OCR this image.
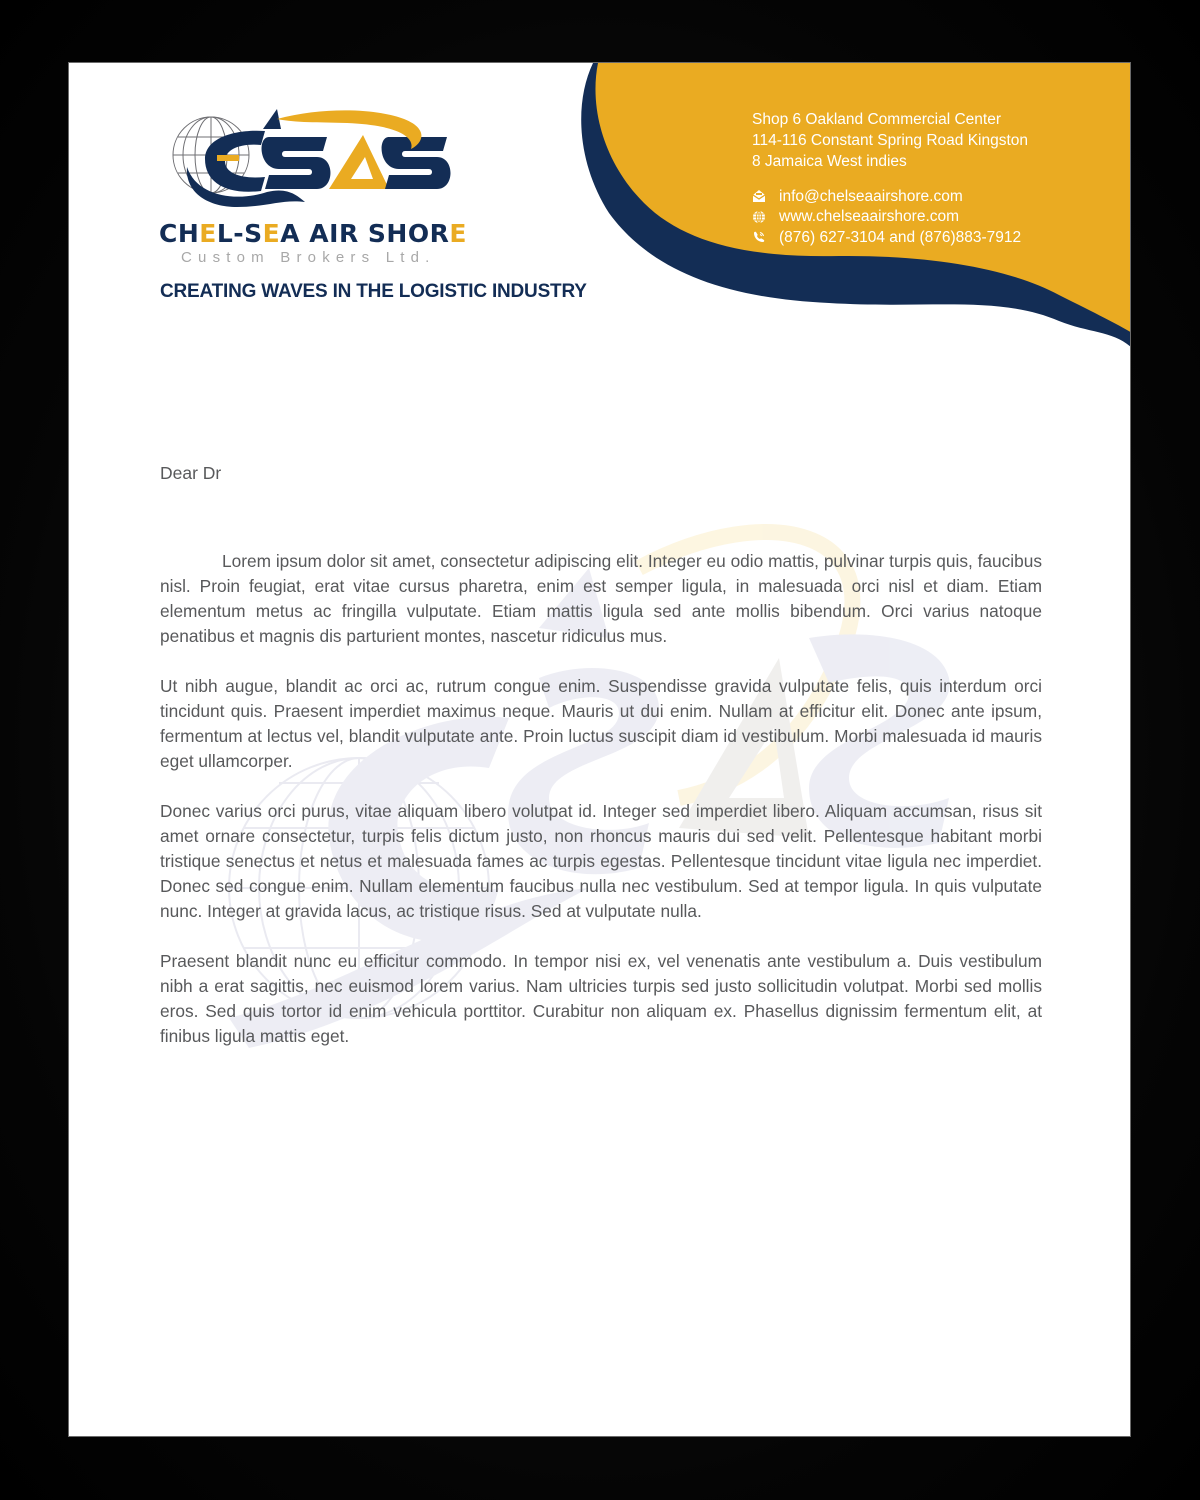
CHEL-SEA AIR SHORE
Custom Brokers Ltd.
CREATING WAVES IN THE LOGISTIC INDUSTRY
Shop 6 Oakland Commercial Center
114-116 Constant Spring Road Kingston
8 Jamaica West indies
info@chelseaairshore.com
www.chelseaairshore.com
(876) 627-3104 and (876)883-7912
Dear Dr

Lorem ipsum dolor sit amet, consectetur adipiscing elit. Integer eu odio mattis, pulvinar turpis quis, faucibus nisl. Proin feugiat, erat vitae cursus pharetra, enim est semper ligula, in malesuada orci nisl et diam. Etiam elementum metus ac fringilla vulputate. Etiam mattis ligula sed ante mollis bibendum. Orci varius natoque penatibus et magnis dis parturient montes, nascetur ridiculus mus.

Ut nibh augue, blandit ac orci ac, rutrum congue enim. Suspendisse gravida vulputate felis, quis interdum orci tincidunt quis. Praesent imperdiet maximus neque. Mauris ut dui enim. Nullam at efficitur elit. Donec ante ipsum, fermentum at lectus vel, blandit vulputate ante. Proin luctus suscipit diam id vestibulum. Morbi malesuada id mauris eget ullamcorper.

Donec varius orci purus, vitae aliquam libero volutpat id. Integer sed imperdiet libero. Aliquam accumsan, risus sit amet ornare consectetur, turpis felis dictum justo, non rhoncus mauris dui sed velit. Pellentesque habitant morbi tristique senectus et netus et malesuada fames ac turpis egestas. Pellentesque tincidunt vitae ligula nec imperdiet. Donec sed congue enim. Nullam elementum faucibus nulla nec vestibulum. Sed at tempor ligula. In quis vulputate nunc. Integer at gravida lacus, ac tristique risus. Sed at vulputate nulla.

Praesent blandit nunc eu efficitur commodo. In tempor nisi ex, vel venenatis ante vestibulum a. Duis vestibulum nibh a erat sagittis, nec euismod lorem varius. Nam ultricies turpis sed justo sollicitudin volutpat. Morbi sed mollis eros. Sed quis tortor id enim vehicula porttitor. Curabitur non aliquam ex. Phasellus dignissim fermentum elit, at finibus ligula mattis eget.
